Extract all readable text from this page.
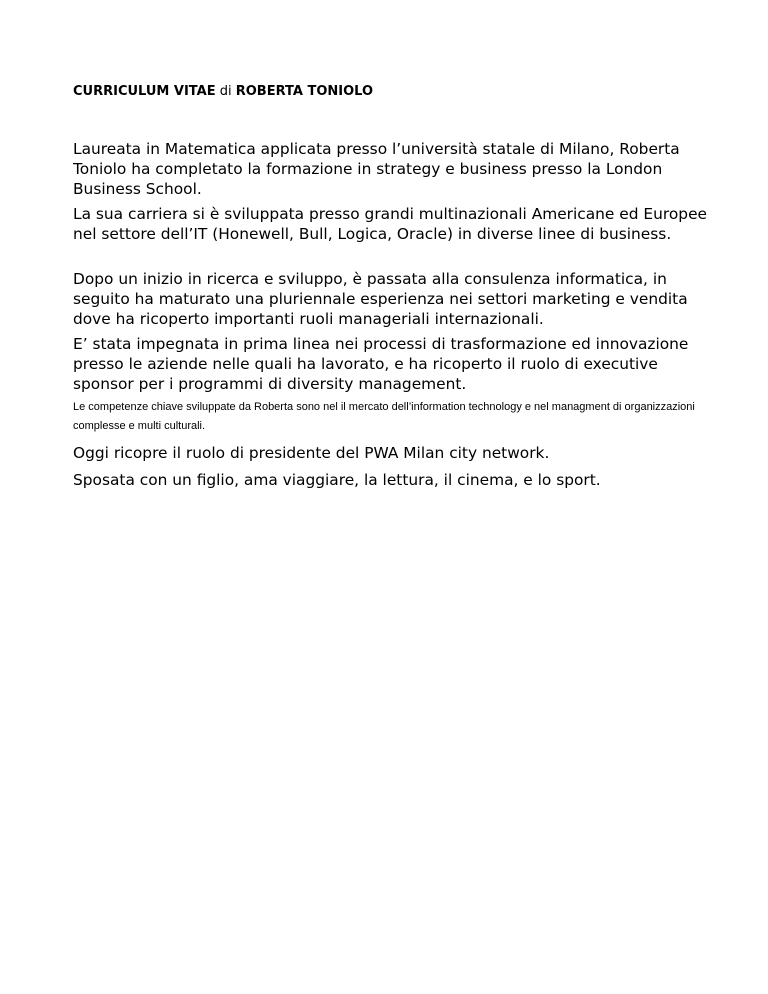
CURRICULUM VITAE di ROBERTA TONIOLO

Laureata in Matematica applicata presso l’università statale di Milano, Roberta Toniolo ha completato la formazione in strategy e business presso la London Business School.

La sua carriera si è sviluppata presso grandi multinazionali Americane ed Europee nel settore dell’IT (Honewell, Bull, Logica, Oracle) in diverse linee di business.

Dopo un inizio in ricerca e sviluppo, è passata alla consulenza informatica, in seguito ha maturato una pluriennale esperienza nei settori marketing e vendita dove ha ricoperto importanti ruoli manageriali internazionali.

E’ stata impegnata in prima linea nei processi di trasformazione ed innovazione presso le aziende nelle quali ha lavorato, e ha ricoperto il ruolo di executive sponsor per i programmi di diversity management.

Le competenze chiave sviluppate da Roberta sono nel il mercato dell’information technology e nel managment di organizzazioni complesse e multi culturali.

Oggi ricopre il ruolo di presidente del PWA Milan city network.

Sposata con un figlio, ama viaggiare, la lettura, il cinema, e lo sport.
